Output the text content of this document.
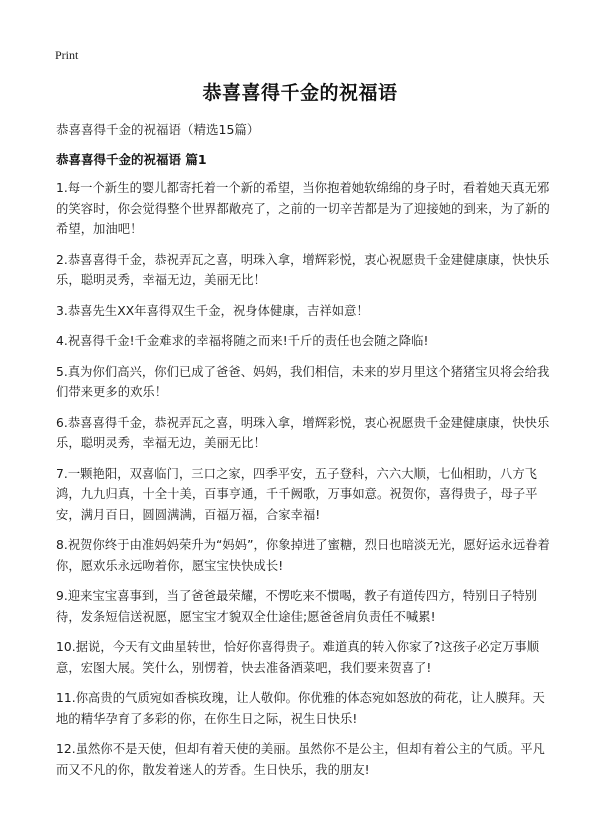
Print
恭喜喜得千金的祝福语
恭喜喜得千金的祝福语（精选15篇）
恭喜喜得千金的祝福语 篇1

1.每一个新生的婴儿都寄托着一个新的希望，当你抱着她软绵绵的身子时，看着她天真无邪的笑容时，你会觉得整个世界都敞亮了，之前的一切辛苦都是为了迎接她的到来，为了新的希望，加油吧！

2.恭喜喜得千金，恭祝弄瓦之喜，明珠入拿，增辉彩悦，衷心祝愿贵千金建健康康，快快乐乐，聪明灵秀，幸福无边，美丽无比！

3.恭喜先生XX年喜得双生千金，祝身体健康，吉祥如意！

4.祝喜得千金!千金难求的幸福将随之而来!千斤的责任也会随之降临!

5.真为你们高兴，你们已成了爸爸、妈妈，我们相信，未来的岁月里这个猪猪宝贝将会给我们带来更多的欢乐！

6.恭喜喜得千金，恭祝弄瓦之喜，明珠入拿，增辉彩悦，衷心祝愿贵千金建健康康，快快乐乐，聪明灵秀，幸福无边，美丽无比！

7.一颗艳阳，双喜临门，三口之家，四季平安，五子登科，六六大顺，七仙相助，八方飞鸿，九九归真，十全十美，百事亨通，千千阙歌，万事如意。祝贺你，喜得贵子，母子平安，满月百日，圆圆满满，百福万福，合家幸福!

8.祝贺你终于由准妈妈荣升为“妈妈”，你象掉进了蜜糖，烈日也暗淡无光，愿好运永远眷着你，愿欢乐永远吻着你，愿宝宝快快成长!

9.迎来宝宝喜事到，当了爸爸最荣耀，不愣吃来不惯喝，教子有道传四方，特别日子特别待，发条短信送祝愿，愿宝宝才貌双全仕途佳;愿爸爸肩负责任不喊累!

10.据说，今天有文曲星转世，恰好你喜得贵子。难道真的转入你家了?这孩子必定万事顺意，宏图大展。笑什么，别愣着，快去准备酒菜吧，我们要来贺喜了!

11.你高贵的气质宛如香槟玫瑰，让人敬仰。你优雅的体态宛如怒放的荷花，让人膜拜。天地的精华孕育了多彩的你，在你生日之际，祝生日快乐!

12.虽然你不是天使，但却有着天使的美丽。虽然你不是公主，但却有着公主的气质。平凡而又不凡的你，散发着迷人的芳香。生日快乐，我的朋友!
